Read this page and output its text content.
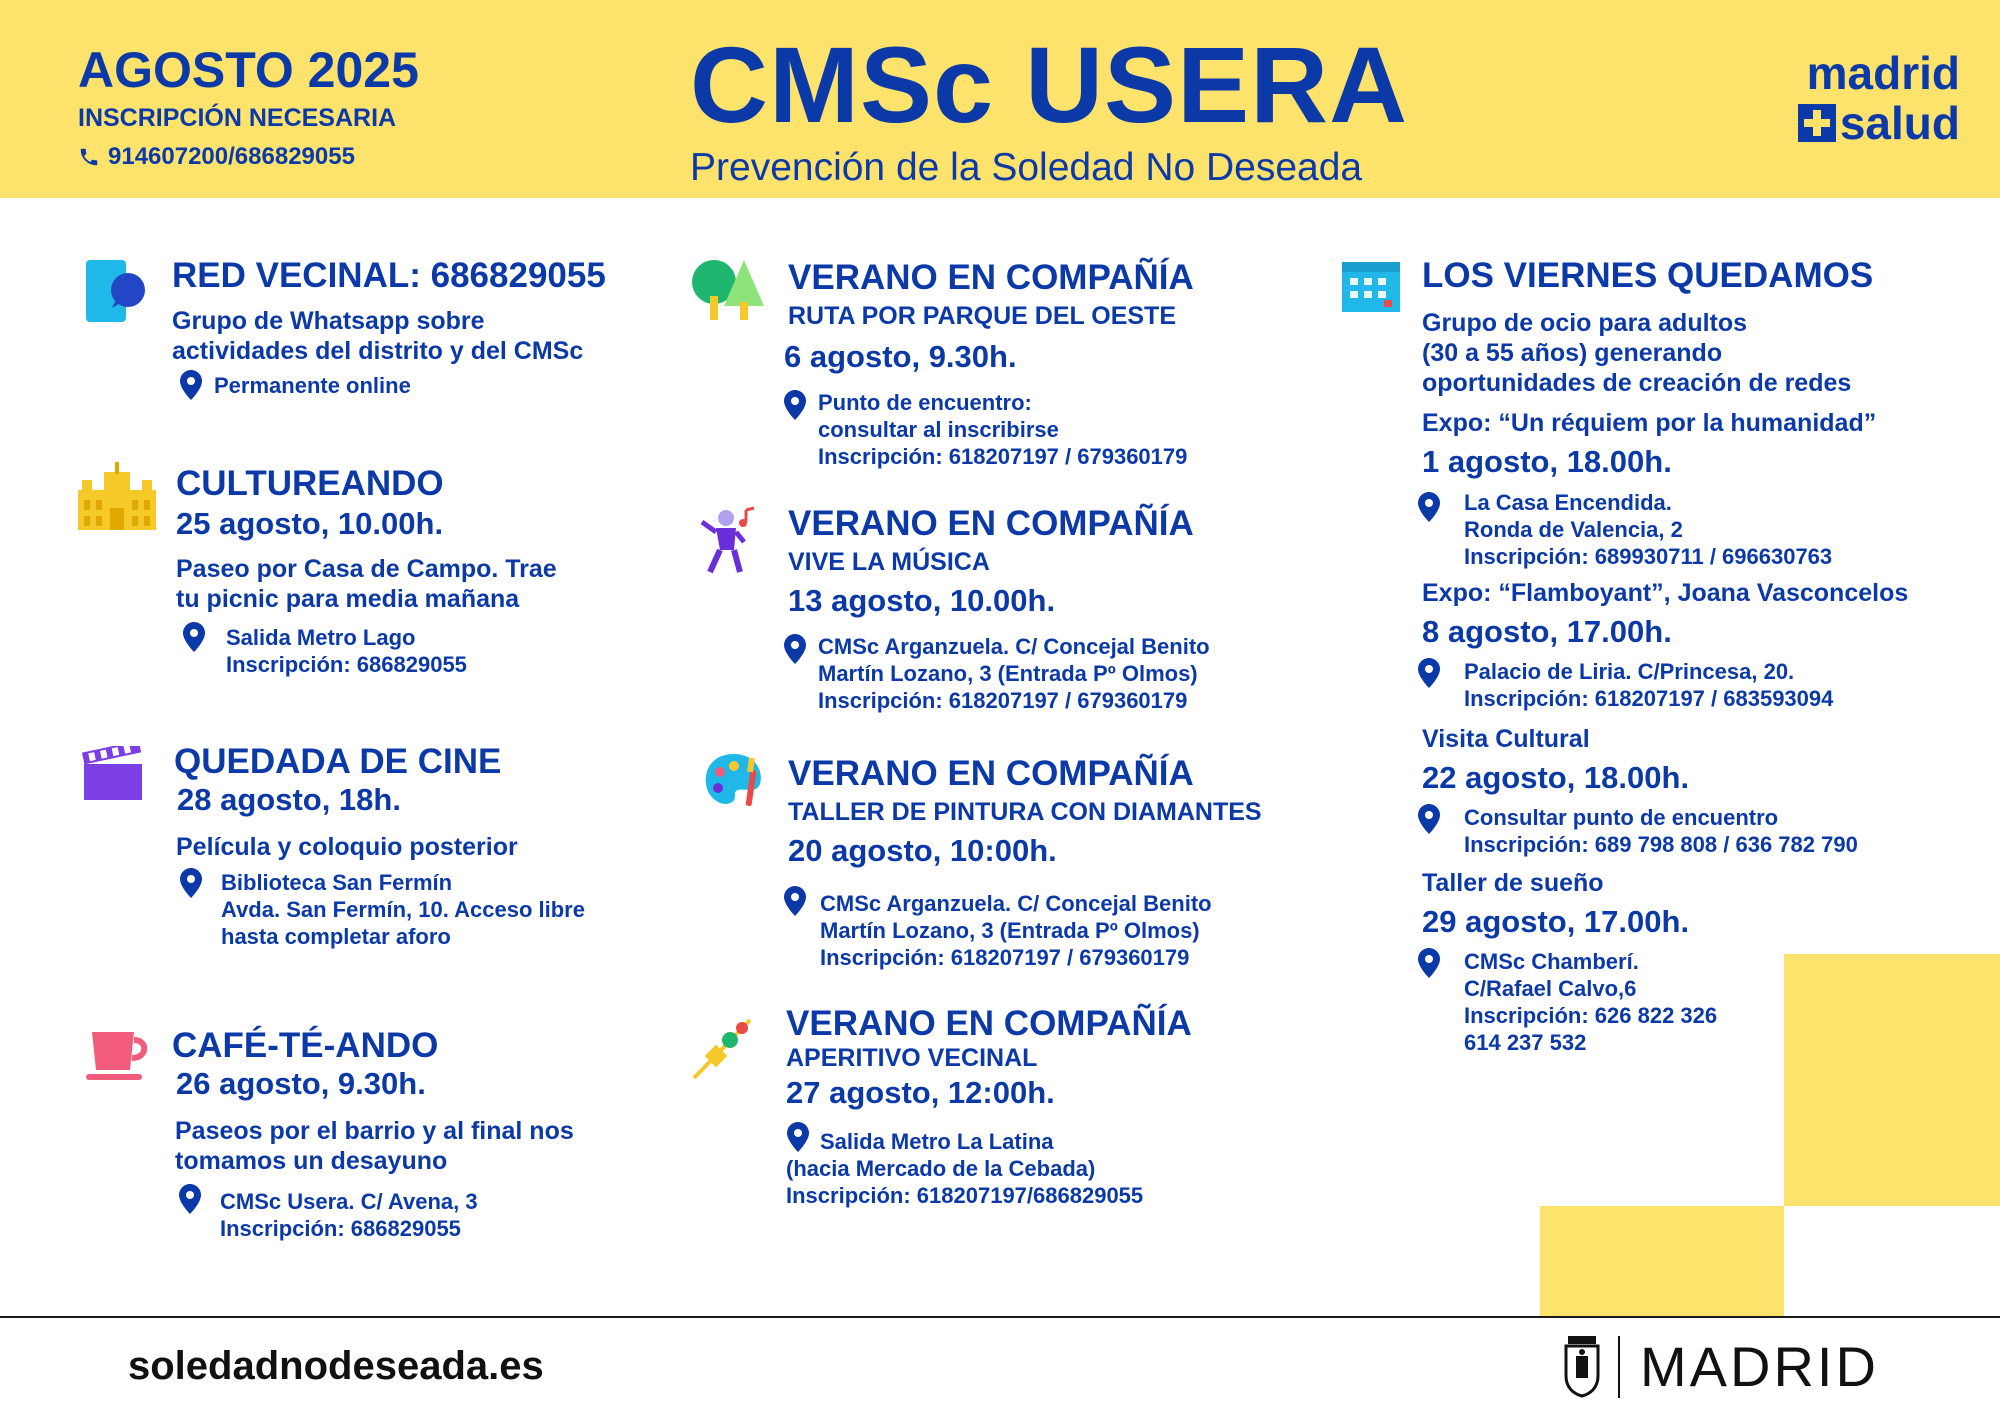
AGOSTO 2025
INSCRIPCIÓN NECESARIA
914607200/686829055
CMSc USERA
Prevención de la Soledad No Deseada
madrid
salud
RED VECINAL: 686829055
Grupo de Whatsapp sobre
actividades del distrito y del CMSc
Permanente online
CULTUREANDO
25 agosto, 10.00h.
Paseo por Casa de Campo. Trae
tu picnic para media mañana
Salida Metro Lago
Inscripción: 686829055
QUEDADA DE CINE
28 agosto, 18h.
Película y coloquio posterior
Biblioteca San Fermín
Avda. San Fermín, 10. Acceso libre
hasta completar aforo
CAFÉ-TÉ-ANDO
26 agosto, 9.30h.
Paseos por el barrio y al final nos
tomamos un desayuno
CMSc Usera. C/ Avena, 3
Inscripción: 686829055
VERANO EN COMPAÑÍA
RUTA POR PARQUE DEL OESTE
6 agosto, 9.30h.
Punto de encuentro:
consultar al inscribirse
Inscripción: 618207197 / 679360179
VERANO EN COMPAÑÍA
VIVE LA MÚSICA
13 agosto, 10.00h.
CMSc Arganzuela. C/ Concejal Benito
Martín Lozano, 3 (Entrada Pº Olmos)
Inscripción: 618207197 / 679360179
VERANO EN COMPAÑÍA
TALLER DE PINTURA CON DIAMANTES
20 agosto, 10:00h.
CMSc Arganzuela. C/ Concejal Benito
Martín Lozano, 3 (Entrada Pº Olmos)
Inscripción: 618207197 / 679360179
VERANO EN COMPAÑÍA
APERITIVO VECINAL
27 agosto, 12:00h.
Salida Metro La Latina
(hacia Mercado de la Cebada)
Inscripción: 618207197/686829055
LOS VIERNES QUEDAMOS
Grupo de ocio para adultos
(30 a 55 años) generando
oportunidades de creación de redes
Expo: “Un réquiem por la humanidad”
1 agosto, 18.00h.
La Casa Encendida.
Ronda de Valencia, 2
Inscripción: 689930711 / 696630763
Expo: “Flamboyant”, Joana Vasconcelos
8 agosto, 17.00h.
Palacio de Liria. C/Princesa, 20.
Inscripción: 618207197 / 683593094
Visita Cultural
22 agosto, 18.00h.
Consultar punto de encuentro
Inscripción: 689 798 808 / 636 782 790
Taller de sueño
29 agosto, 17.00h.
CMSc Chamberí.
C/Rafael Calvo,6
Inscripción: 626 822 326
614 237 532
soledadnodeseada.es	MADRID
